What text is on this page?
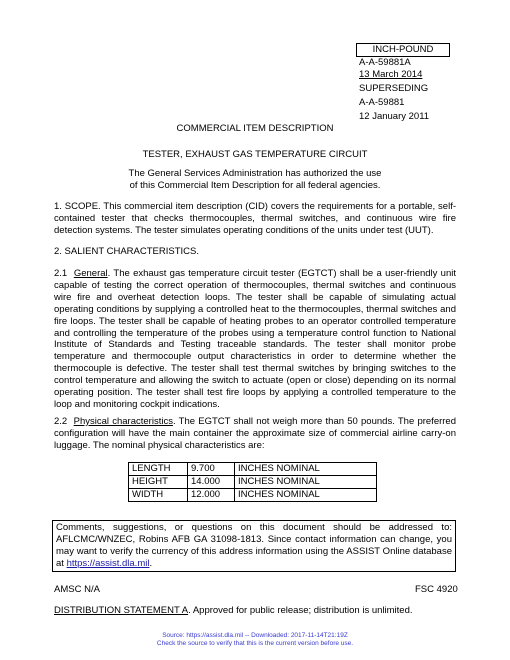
INCH-POUND
A-A-59881A
13 March 2014
SUPERSEDING
A-A-59881
12 January 2011
COMMERCIAL ITEM DESCRIPTION
TESTER, EXHAUST GAS TEMPERATURE CIRCUIT
The General Services Administration has authorized the use
of this Commercial Item Description for all federal agencies.
1. SCOPE. This commercial item description (CID) covers the requirements for a portable, self- contained tester that checks thermocouples, thermal switches, and continuous wire fire detection systems. The tester simulates operating conditions of the units under test (UUT).
2. SALIENT CHARACTERISTICS.
2.1 General. The exhaust gas temperature circuit tester (EGTCT) shall be a user-friendly unit capable of testing the correct operation of thermocouples, thermal switches and continuous wire fire and overheat detection loops. The tester shall be capable of simulating actual operating conditions by supplying a controlled heat to the thermocouples, thermal switches and fire loops. The tester shall be capable of heating probes to an operator controlled temperature and controlling the temperature of the probes using a temperature control function to National Institute of Standards and Testing traceable standards. The tester shall monitor probe temperature and thermocouple output characteristics in order to determine whether the thermocouple is defective. The tester shall test thermal switches by bringing switches to the control temperature and allowing the switch to actuate (open or close) depending on its normal operating position. The tester shall test fire loops by applying a controlled temperature to the loop and monitoring cockpit indications.
2.2 Physical characteristics. The EGTCT shall not weigh more than 50 pounds. The preferred configuration will have the main container the approximate size of commercial airline carry-on luggage. The nominal physical characteristics are:
LENGTH	9.700	INCHES NOMINAL
HEIGHT	14.000	INCHES NOMINAL
WIDTH	12.000	INCHES NOMINAL
Comments, suggestions, or questions on this document should be addressed to: AFLCMC/WNZEC, Robins AFB GA 31098-1813. Since contact information can change, you may want to verify the currency of this address information using the ASSIST Online database at https://assist.dla.mil.
AMSC N/A	FSC 4920
DISTRIBUTION STATEMENT A. Approved for public release; distribution is unlimited.
Source: https://assist.dla.mil -- Downloaded: 2017-11-14T21:19Z
Check the source to verify that this is the current version before use.
